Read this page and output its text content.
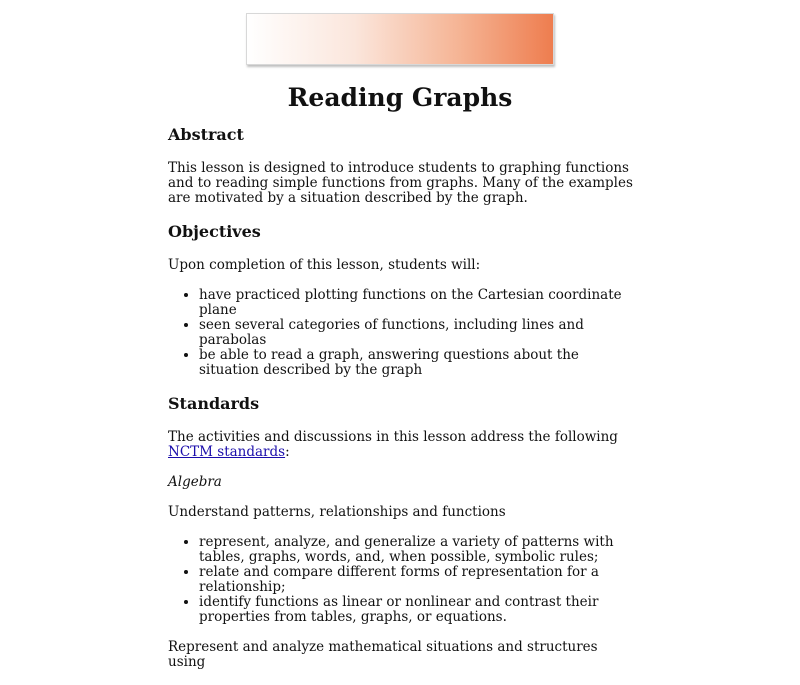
Reading Graphs
Abstract

This lesson is designed to introduce students to graphing functions and to reading simple functions from graphs. Many of the examples are motivated by a situation described by the graph.

Objectives

Upon completion of this lesson, students will:

• have practiced plotting functions on the Cartesian coordinate plane
• seen several categories of functions, including lines and parabolas
• be able to read a graph, answering questions about the situation described by the graph
Standards

The activities and discussions in this lesson address the following NCTM standards:

Algebra

Understand patterns, relationships and functions

• represent, analyze, and generalize a variety of patterns with tables, graphs, words, and, when possible, symbolic rules;
• relate and compare different forms of representation for a relationship;
• identify functions as linear or nonlinear and contrast their properties from tables, graphs, or equations.

Represent and analyze mathematical situations and structures using
